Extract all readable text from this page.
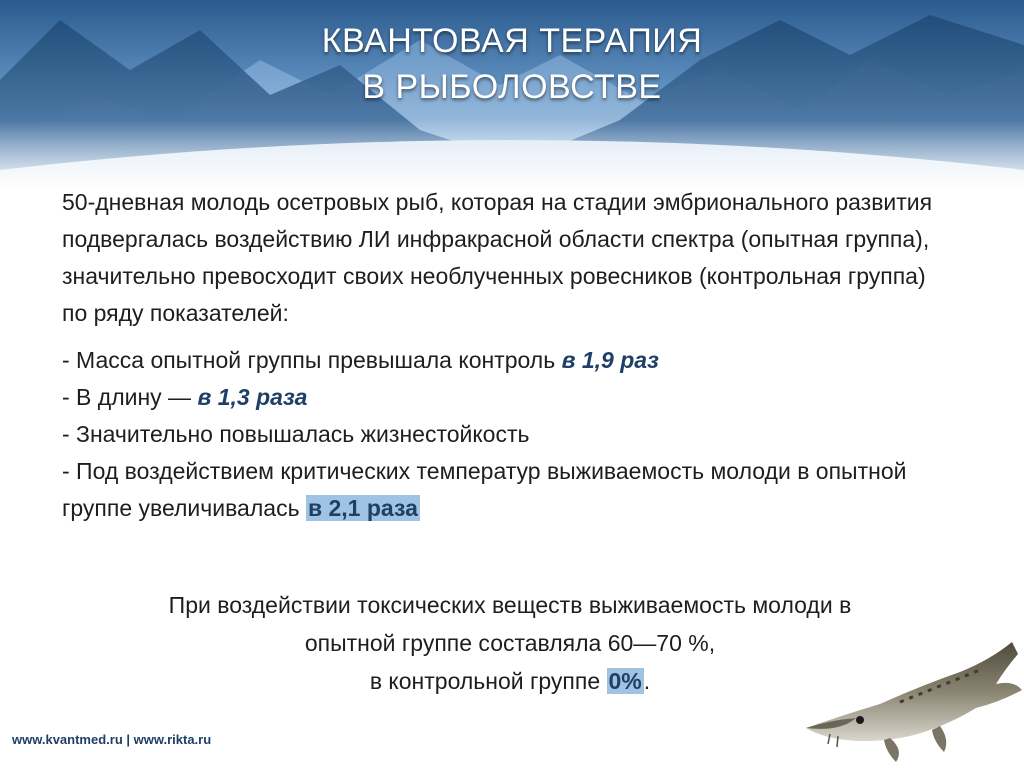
КВАНТОВАЯ ТЕРАПИЯ
В РЫБОЛОВСТВЕ

50-дневная молодь осетровых рыб, которая на стадии эмбрионального развития подвергалась воздействию ЛИ инфракрасной области спектра (опытная группа), значительно превосходит своих необлученных ровесников (контрольная группа) по ряду показателей:

- Масса опытной группы превышала контроль в 1,9 раз
- В длину — в 1,3 раза
- Значительно повышалась жизнестойкость
- Под воздействием критических температур выживаемость молоди в опытной группе увеличивалась в 2,1 раза
При воздействии токсических веществ выживаемость молоди в
опытной группе составляла 60—70 %,
в контрольной группе 0%.
www.kvantmed.ru | www.rikta.ru
